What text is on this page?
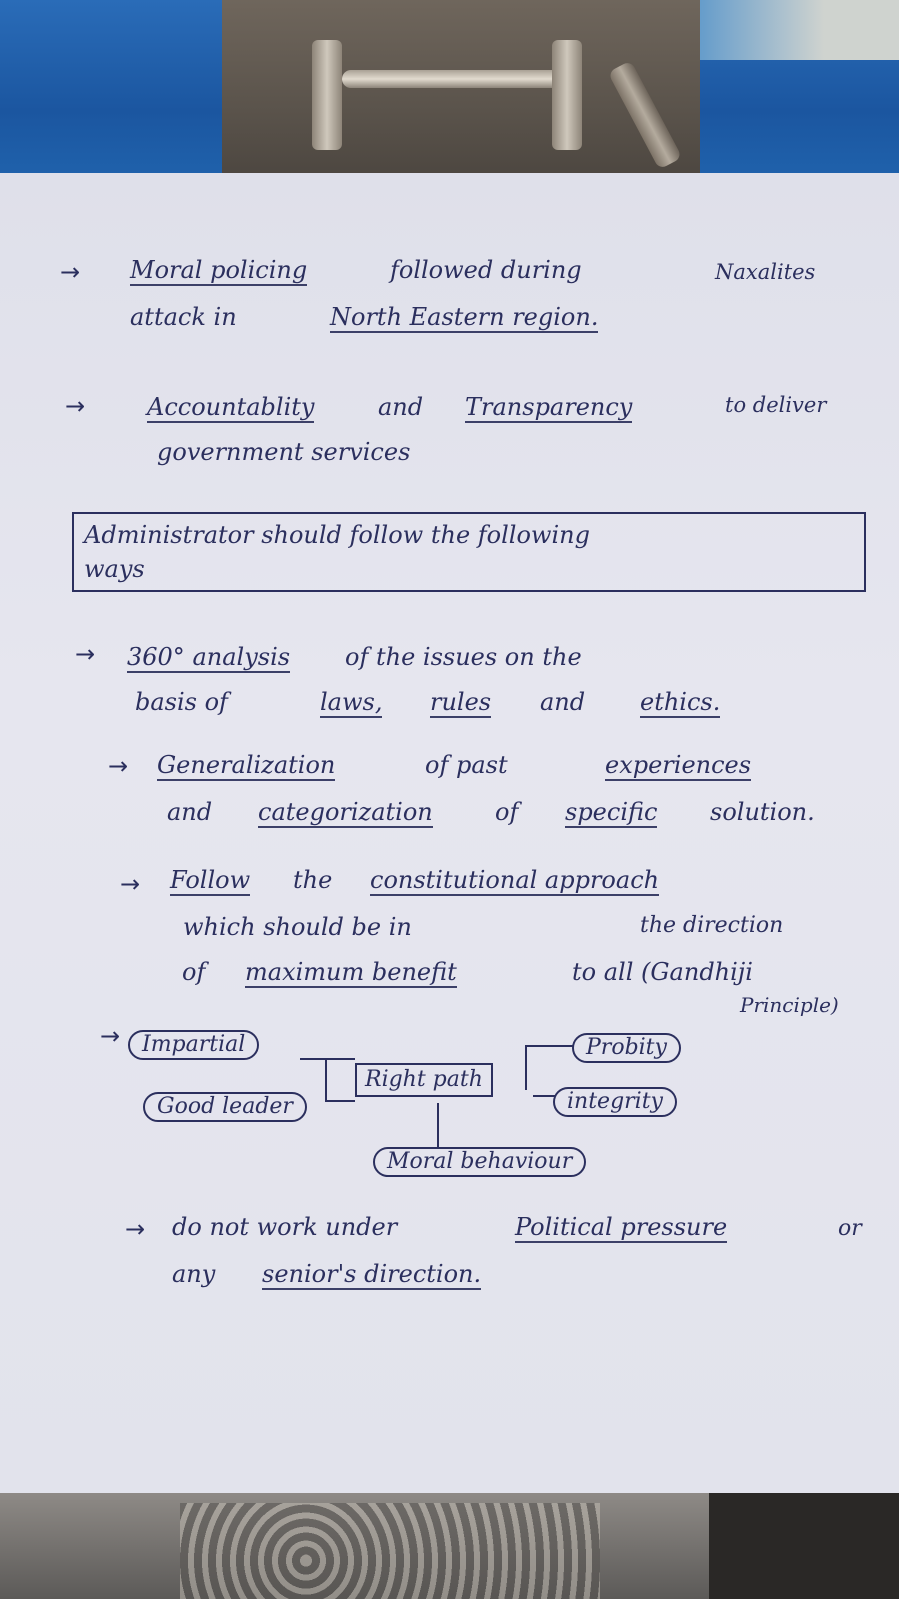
→ Moral policing	followed during	Naxalites
attack in	North Eastern region.
→	Accountablity	and Transparency	to deliver
government services
Administrator should follow the following
ways
→ 360° analysis of the issues on the
basis of	laws, rules and ethics.
→ Generalization	of past	experiences
and categorization	of specific solution.
→ Follow the constitutional approach
which should be in	the direction
of maximum benefit	to all (Gandhiji
Principle)
→ Impartial
Good leader
Right path
Probity
integrity
Moral behaviour
→ do not work under	Political pressure	or
any senior's direction.
